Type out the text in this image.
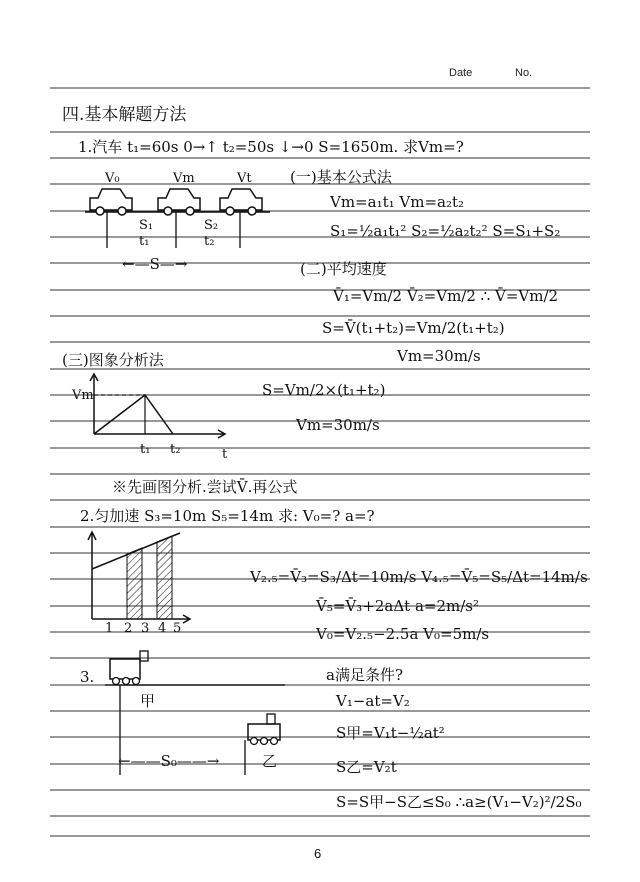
Date	No.
四.基本解题方法
1.汽车 t₁=60s 0→↑ t₂=50s ↓→0 S=1650m. 求Vm=?
V₀	Vm	Vt
S₁
t₁
S₂
t₂
←—S—→
(一)基本公式法
Vm=a₁t₁ Vm=a₂t₂
S₁=½a₁t₁² S₂=½a₂t₂² S=S₁+S₂
(二)平均速度
V̄₁=Vm/2 V̄₂=Vm/2 ∴ V̄=Vm/2
S=V̄(t₁+t₂)=Vm/2(t₁+t₂)
Vm=30m/s
(三)图象分析法
Vm
t₁ t₂	t
S=Vm/2×(t₁+t₂)
Vm=30m/s
※先画图分析.尝试V̄.再公式
2.匀加速 S₃=10m S₅=14m 求: V₀=? a=?
1 2 3 4 5
V₂.₅=V̄₃=S₃/Δt=10m/s V₄.₅=V̄₅=S₅/Δt=14m/s
V̄₅=V̄₃+2aΔt a=2m/s²
V₀=V₂.₅−2.5a V₀=5m/s
3.
甲
乙
←——S₀——→
a满足条件?
V₁−at=V₂
S甲=V₁t−½at²
S乙=V₂t
S=S甲−S乙≤S₀ ∴a≥(V₁−V₂)²/2S₀
6
